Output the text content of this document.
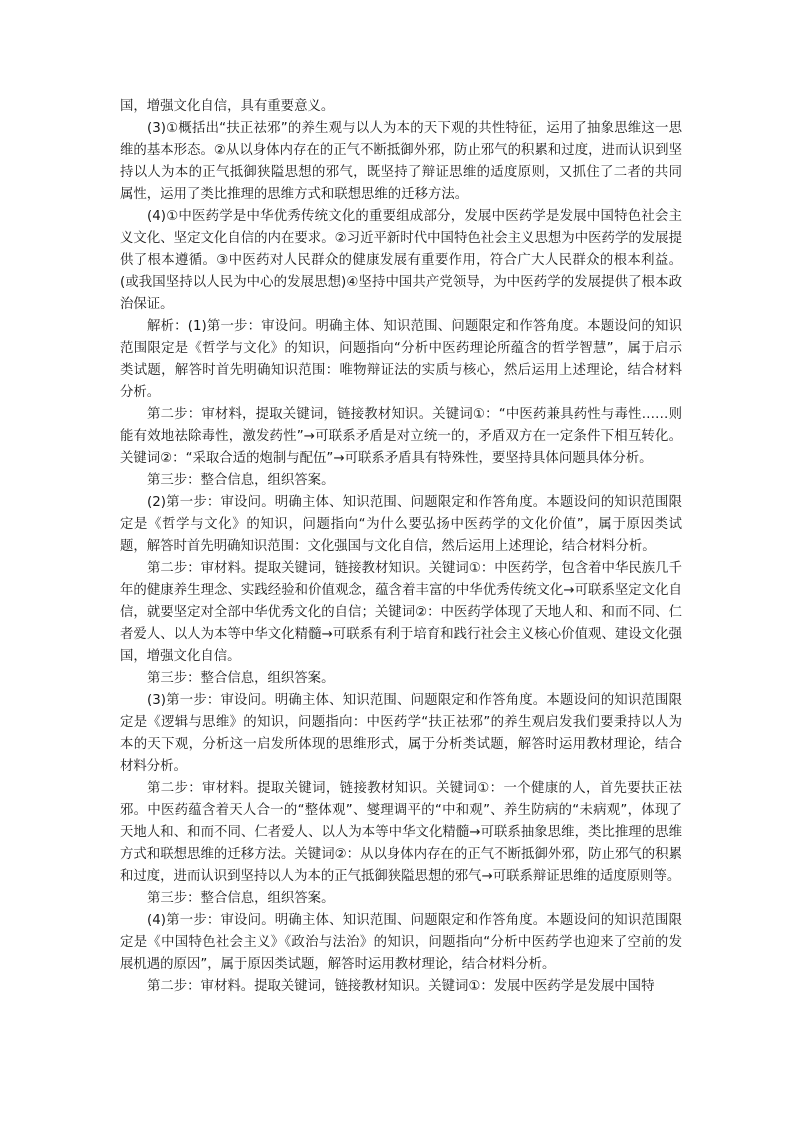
国，增强文化自信，具有重要意义。

(3)①概括出“扶正祛邪”的养生观与以人为本的天下观的共性特征，运用了抽象思维这一思维的基本形态。②从以身体内存在的正气不断抵御外邪，防止邪气的积累和过度，进而认识到坚持以人为本的正气抵御狭隘思想的邪气，既坚持了辩证思维的适度原则，又抓住了二者的共同属性，运用了类比推理的思维方式和联想思维的迁移方法。

(4)①中医药学是中华优秀传统文化的重要组成部分，发展中医药学是发展中国特色社会主义文化、坚定文化自信的内在要求。②习近平新时代中国特色社会主义思想为中医药学的发展提供了根本遵循。③中医药对人民群众的健康发展有重要作用，符合广大人民群众的根本利益。(或我国坚持以人民为中心的发展思想)④坚持中国共产党领导，为中医药学的发展提供了根本政治保证。

解析：(1)第一步：审设问。明确主体、知识范围、问题限定和作答角度。本题设问的知识范围限定是《哲学与文化》的知识，问题指向“分析中医药理论所蕴含的哲学智慧”，属于启示类试题，解答时首先明确知识范围：唯物辩证法的实质与核心，然后运用上述理论，结合材料分析。

第二步：审材料，提取关键词，链接教材知识。关键词①：“中医药兼具药性与毒性……则能有效地祛除毒性，激发药性”→可联系矛盾是对立统一的，矛盾双方在一定条件下相互转化。关键词②：“采取合适的炮制与配伍”→可联系矛盾具有特殊性，要坚持具体问题具体分析。

第三步：整合信息，组织答案。

(2)第一步：审设问。明确主体、知识范围、问题限定和作答角度。本题设问的知识范围限定是《哲学与文化》的知识，问题指向“为什么要弘扬中医药学的文化价值”，属于原因类试题，解答时首先明确知识范围：文化强国与文化自信，然后运用上述理论，结合材料分析。

第二步：审材料。提取关键词，链接教材知识。关键词①：中医药学，包含着中华民族几千年的健康养生理念、实践经验和价值观念，蕴含着丰富的中华优秀传统文化→可联系坚定文化自信，就要坚定对全部中华优秀文化的自信；关键词②：中医药学体现了天地人和、和而不同、仁者爱人、以人为本等中华文化精髓→可联系有利于培育和践行社会主义核心价值观、建设文化强国，增强文化自信。

第三步：整合信息，组织答案。

(3)第一步：审设问。明确主体、知识范围、问题限定和作答角度。本题设问的知识范围限定是《逻辑与思维》的知识，问题指向：中医药学“扶正祛邪”的养生观启发我们要秉持以人为本的天下观，分析这一启发所体现的思维形式，属于分析类试题，解答时运用教材理论，结合材料分析。

第二步：审材料。提取关键词，链接教材知识。关键词①：一个健康的人，首先要扶正祛邪。中医药蕴含着天人合一的“整体观”、燮理调平的“中和观”、养生防病的“未病观”，体现了天地人和、和而不同、仁者爱人、以人为本等中华文化精髓→可联系抽象思维，类比推理的思维方式和联想思维的迁移方法。关键词②：从以身体内存在的正气不断抵御外邪，防止邪气的积累和过度，进而认识到坚持以人为本的正气抵御狭隘思想的邪气→可联系辩证思维的适度原则等。

第三步：整合信息，组织答案。

(4)第一步：审设问。明确主体、知识范围、问题限定和作答角度。本题设问的知识范围限定是《中国特色社会主义》《政治与法治》的知识，问题指向“分析中医药学也迎来了空前的发展机遇的原因”，属于原因类试题，解答时运用教材理论，结合材料分析。

第二步：审材料。提取关键词，链接教材知识。关键词①：发展中医药学是发展中国特
